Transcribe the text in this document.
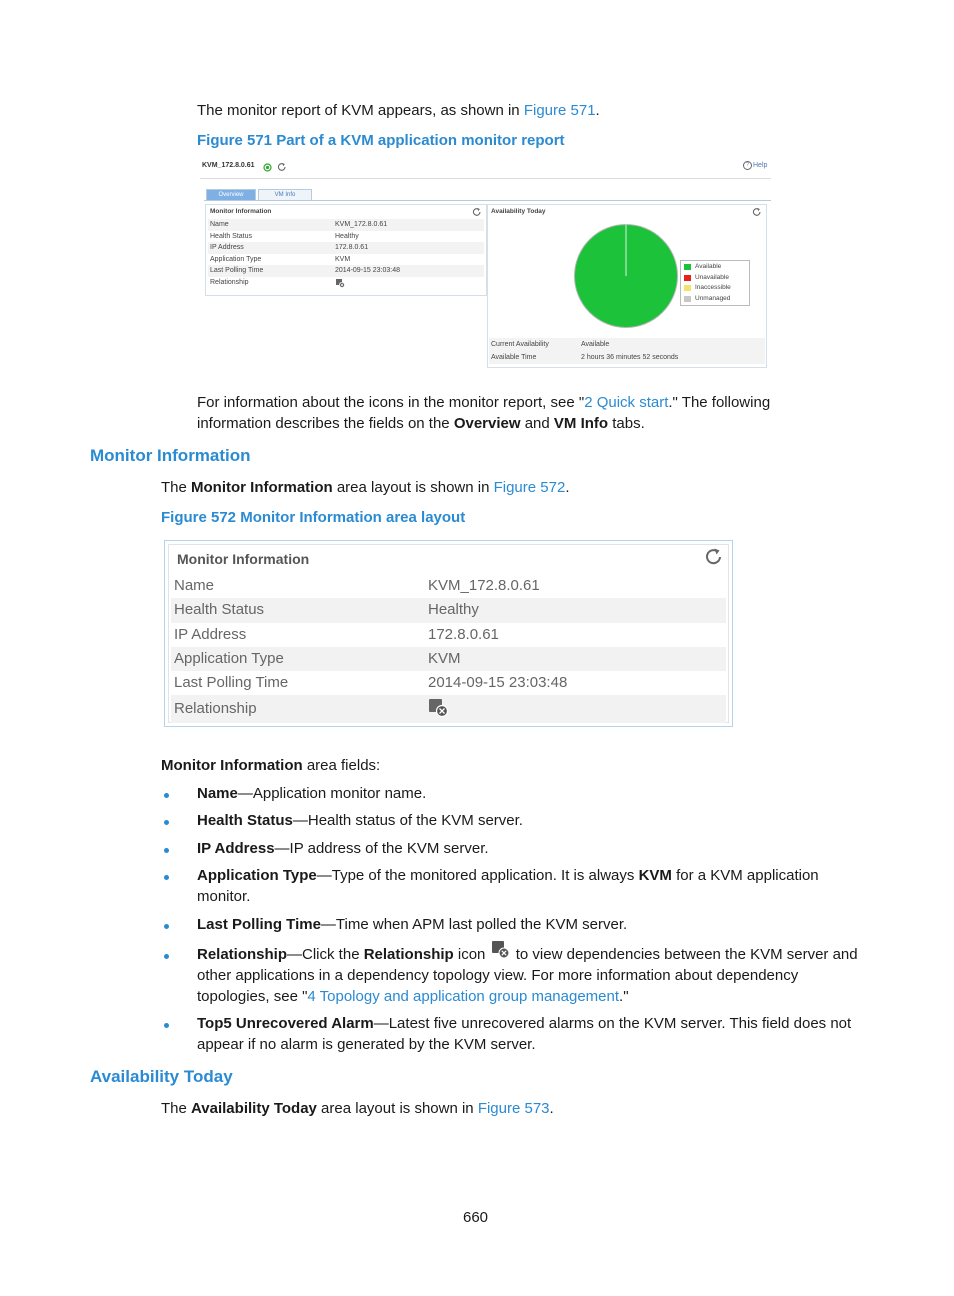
The monitor report of KVM appears, as shown in Figure 571.
Figure 571 Part of a KVM application monitor report
KVM_172.8.0.61	? Help
Overview	VM Info
Monitor Information
Name	KVM_172.8.0.61
Health Status	Healthy
IP Address	172.8.0.61
Application Type	KVM
Last Polling Time	2014-09-15 23:03:48
Relationship
Availability Today
Available
Unavailable
Inaccessible
Unmanaged
Current Availability	Available
Available Time	2 hours 36 minutes 52 seconds
For information about the icons in the monitor report, see "2 Quick start." The following
information describes the fields on the Overview and VM Info tabs.
Monitor Information
The Monitor Information area layout is shown in Figure 572.
Figure 572 Monitor Information area layout
Monitor Information
Name	KVM_172.8.0.61
Health Status	Healthy
IP Address	172.8.0.61
Application Type	KVM
Last Polling Time	2014-09-15 23:03:48
Relationship
Monitor Information area fields:
Name—Application monitor name.
Health Status—Health status of the KVM server.
IP Address—IP address of the KVM server.
Application Type—Type of the monitored application. It is always KVM for a KVM application
monitor.
Last Polling Time—Time when APM last polled the KVM server.
Relationship—Click the Relationship icon  to view dependencies between the KVM server and
other applications in a dependency topology view. For more information about dependency
topologies, see "4 Topology and application group management."
Top5 Unrecovered Alarm—Latest five unrecovered alarms on the KVM server. This field does not
appear if no alarm is generated by the KVM server.
Availability Today
The Availability Today area layout is shown in Figure 573.
660
